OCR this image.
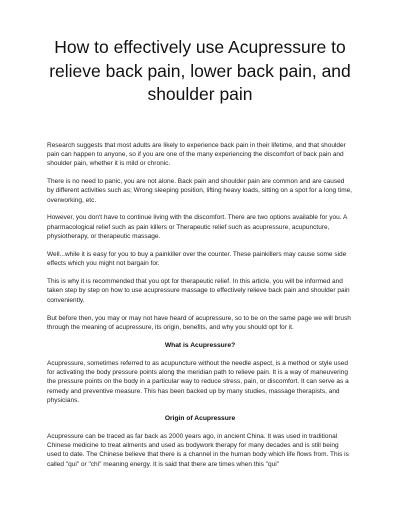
How to effectively use Acupressure to relieve back pain, lower back pain, and shoulder pain

Research suggests that most adults are likely to experience back pain in their lifetime, and that shoulder pain can happen to anyone, so if you are one of the many experiencing the discomfort of back pain and shoulder pain, whether it is mild or chronic.

There is no need to panic, you are not alone. Back pain and shoulder pain are common and are caused by different activities such as; Wrong sleeping position, lifting heavy loads, sitting on a spot for a long time, overworking, etc.

However, you don't have to continue living with the discomfort. There are two options available for you. A pharmacological relief such as pain killers or Therapeutic relief such as acupressure, acupuncture, physiotherapy, or therapeutic massage.

Well...while it is easy for you to buy a painkiller over the counter. These painkillers may cause some side effects which you might not bargain for.

This is why it is recommended that you opt for therapeutic relief. In this article, you will be informed and taken step by step on how to use acupressure massage to effectively relieve back pain and shoulder pain conveniently.

But before then, you may or may not have heard of acupressure, so to be on the same page we will brush through the meaning of acupressure, its origin, benefits, and why you should opt for it.

What is Acupressure?

Acupressure, sometimes referred to as acupuncture without the needle aspect, is a method or style used for activating the body pressure points along the meridian path to relieve pain. It is a way of maneuvering the pressure points on the body in a particular way to reduce stress, pain, or discomfort. It can serve as a remedy and preventive measure. This has been backed up by many studies, massage therapists, and physicians.

Origin of Acupressure

Acupressure can be traced as far back as 2000 years ago, in ancient China. It was used in traditional Chinese medicine to treat ailments and used as bodywork therapy for many decades and is still being used to date. The Chinese believe that there is a channel in the human body which life flows from. This is called "qui" or "chi" meaning energy. It is said that there are times when this "qui"
